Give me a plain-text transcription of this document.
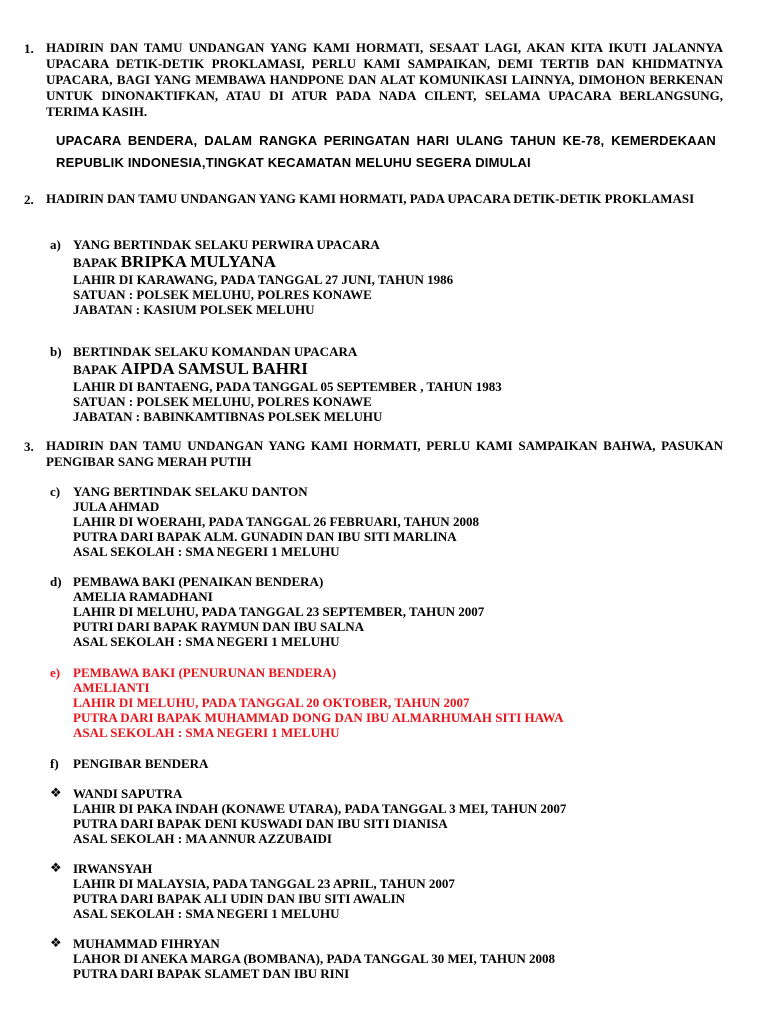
1. HADIRIN DAN TAMU UNDANGAN YANG KAMI HORMATI, SESAAT LAGI, AKAN KITA IKUTI JALANNYA UPACARA DETIK-DETIK PROKLAMASI, PERLU KAMI SAMPAIKAN, DEMI TERTIB DAN KHIDMATNYA UPACARA, BAGI YANG MEMBAWA HANDPONE DAN ALAT KOMUNIKASI LAINNYA, DIMOHON BERKENAN UNTUK DINONAKTIFKAN, ATAU DI ATUR PADA NADA CILENT, SELAMA UPACARA BERLANGSUNG, TERIMA KASIH.
UPACARA BENDERA, DALAM RANGKA PERINGATAN HARI ULANG TAHUN KE-78, KEMERDEKAAN REPUBLIK INDONESIA,TINGKAT KECAMATAN MELUHU SEGERA DIMULAI
2. HADIRIN DAN TAMU UNDANGAN YANG KAMI HORMATI, PADA UPACARA DETIK-DETIK PROKLAMASI
a) YANG BERTINDAK SELAKU PERWIRA UPACARA
BAPAK BRIPKA MULYANA
LAHIR DI KARAWANG, PADA TANGGAL 27 JUNI, TAHUN 1986
SATUAN : POLSEK MELUHU, POLRES KONAWE
JABATAN : KASIUM POLSEK MELUHU
b) BERTINDAK SELAKU KOMANDAN UPACARA
BAPAK AIPDA SAMSUL BAHRI
LAHIR DI BANTAENG, PADA TANGGAL 05 SEPTEMBER , TAHUN 1983
SATUAN : POLSEK MELUHU, POLRES KONAWE
JABATAN : BABINKAMTIBNAS POLSEK MELUHU
3. HADIRIN DAN TAMU UNDANGAN YANG KAMI HORMATI, PERLU KAMI SAMPAIKAN BAHWA, PASUKAN PENGIBAR SANG MERAH PUTIH
c) YANG BERTINDAK SELAKU DANTON
JULA AHMAD
LAHIR DI WOERAHI, PADA TANGGAL 26 FEBRUARI, TAHUN 2008
PUTRA DARI BAPAK ALM. GUNADIN DAN IBU SITI MARLINA
ASAL SEKOLAH : SMA NEGERI 1 MELUHU
d) PEMBAWA BAKI (PENAIKAN BENDERA)
AMELIA RAMADHANI
LAHIR DI MELUHU, PADA TANGGAL 23 SEPTEMBER, TAHUN 2007
PUTRI DARI BAPAK RAYMUN DAN IBU SALNA
ASAL SEKOLAH : SMA NEGERI 1 MELUHU
e) PEMBAWA BAKI (PENURUNAN BENDERA)
AMELIANTI
LAHIR DI MELUHU, PADA TANGGAL 20 OKTOBER, TAHUN 2007
PUTRA DARI BAPAK MUHAMMAD DONG DAN IBU ALMARHUMAH SITI HAWA
ASAL SEKOLAH : SMA NEGERI 1 MELUHU
f) PENGIBAR BENDERA
❖ WANDI SAPUTRA
LAHIR DI PAKA INDAH (KONAWE UTARA), PADA TANGGAL 3 MEI, TAHUN 2007
PUTRA DARI BAPAK DENI KUSWADI DAN IBU SITI DIANISA
ASAL SEKOLAH : MA ANNUR AZZUBAIDI
❖ IRWANSYAH
LAHIR DI MALAYSIA, PADA TANGGAL 23 APRIL, TAHUN 2007
PUTRA DARI BAPAK ALI UDIN DAN IBU SITI AWALIN
ASAL SEKOLAH : SMA NEGERI 1 MELUHU
❖ MUHAMMAD FIHRYAN
LAHOR DI ANEKA MARGA (BOMBANA), PADA TANGGAL 30 MEI, TAHUN 2008
PUTRA DARI BAPAK SLAMET DAN IBU RINI
